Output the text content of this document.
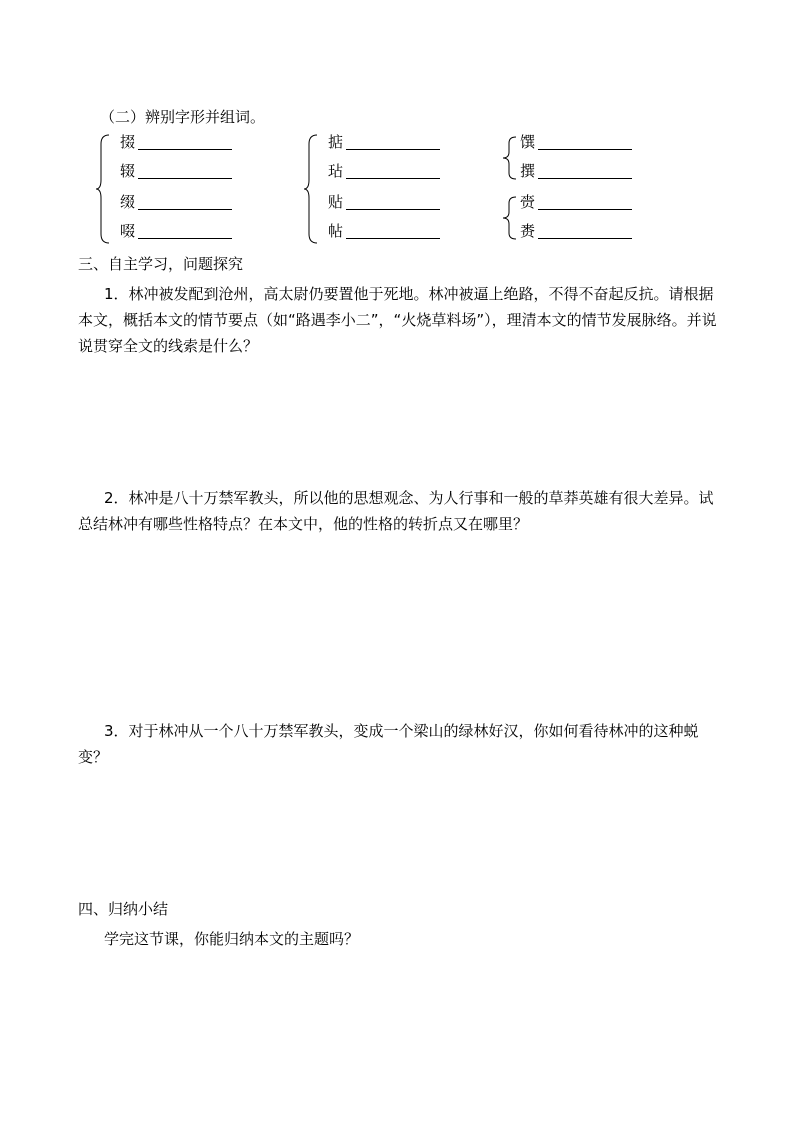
（二）辨别字形并组词。
掇
辍
缀
啜
掂
玷
贴
帖
馔
撰
赍
赉
三、自主学习，问题探究
1．林冲被发配到沧州，高太尉仍要置他于死地。林冲被逼上绝路，不得不奋起反抗。请根据本文，概括本文的情节要点（如“路遇李小二”，“火烧草料场”），理清本文的情节发展脉络。并说说贯穿全文的线索是什么？
2．林冲是八十万禁军教头，所以他的思想观念、为人行事和一般的草莽英雄有很大差异。试总结林冲有哪些性格特点？在本文中，他的性格的转折点又在哪里？
3．对于林冲从一个八十万禁军教头，变成一个梁山的绿林好汉，你如何看待林冲的这种蜕变？
四、归纳小结
学完这节课，你能归纳本文的主题吗？
